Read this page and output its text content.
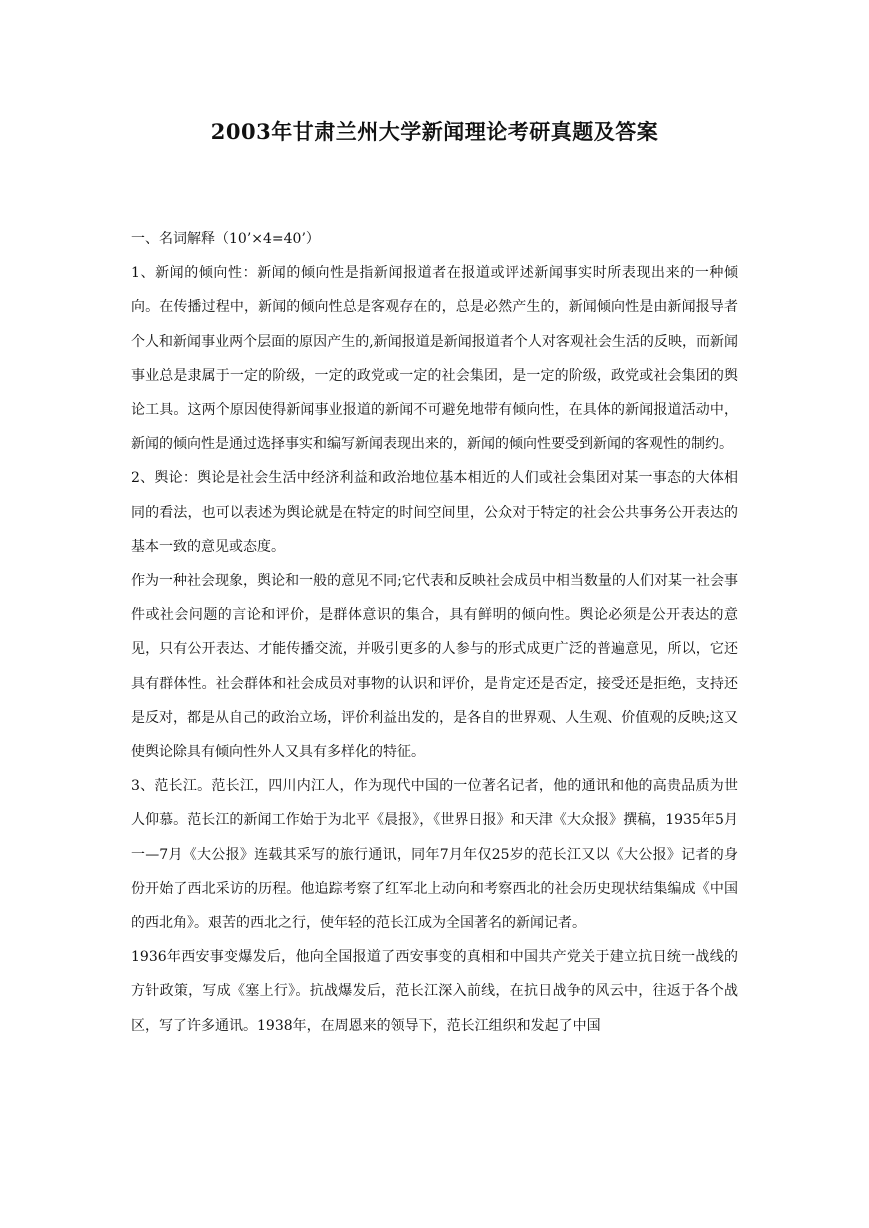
2003年甘肃兰州大学新闻理论考研真题及答案

一、名词解释（10’×4=40’）

1、新闻的倾向性：新闻的倾向性是指新闻报道者在报道或评述新闻事实时所表现出来的一种倾向。在传播过程中，新闻的倾向性总是客观存在的，总是必然产生的，新闻倾向性是由新闻报导者个人和新闻事业两个层面的原因产生的,新闻报道是新闻报道者个人对客观社会生活的反映，而新闻事业总是隶属于一定的阶级，一定的政党或一定的社会集团，是一定的阶级，政党或社会集团的舆论工具。这两个原因使得新闻事业报道的新闻不可避免地带有倾向性，在具体的新闻报道活动中，新闻的倾向性是通过选择事实和编写新闻表现出来的，新闻的倾向性要受到新闻的客观性的制约。

2、舆论：舆论是社会生活中经济利益和政治地位基本相近的人们或社会集团对某一事态的大体相同的看法，也可以表述为舆论就是在特定的时间空间里，公众对于特定的社会公共事务公开表达的基本一致的意见或态度。

作为一种社会现象，舆论和一般的意见不同;它代表和反映社会成员中相当数量的人们对某一社会事件或社会问题的言论和评价，是群体意识的集合，具有鲜明的倾向性。舆论必须是公开表达的意见，只有公开表达、才能传播交流，并吸引更多的人参与的形式成更广泛的普遍意见，所以，它还具有群体性。社会群体和社会成员对事物的认识和评价，是肯定还是否定，接受还是拒绝，支持还是反对，都是从自己的政治立场，评价利益出发的，是各自的世界观、人生观、价值观的反映;这又使舆论除具有倾向性外人又具有多样化的特征。

3、范长江。范长江，四川内江人，作为现代中国的一位著名记者，他的通讯和他的高贵品质为世人仰慕。范长江的新闻工作始于为北平《晨报》，《世界日报》和天津《大众报》撰稿，1935年5月一—7月《大公报》连载其采写的旅行通讯，同年7月年仅25岁的范长江又以《大公报》记者的身份开始了西北采访的历程。他追踪考察了红军北上动向和考察西北的社会历史现状结集编成《中国的西北角》。艰苦的西北之行，使年轻的范长江成为全国著名的新闻记者。

1936年西安事变爆发后，他向全国报道了西安事变的真相和中国共产党关于建立抗日统一战线的方针政策，写成《塞上行》。抗战爆发后，范长江深入前线，在抗日战争的风云中，往返于各个战区，写了许多通讯。1938年，在周恩来的领导下，范长江组织和发起了中国
